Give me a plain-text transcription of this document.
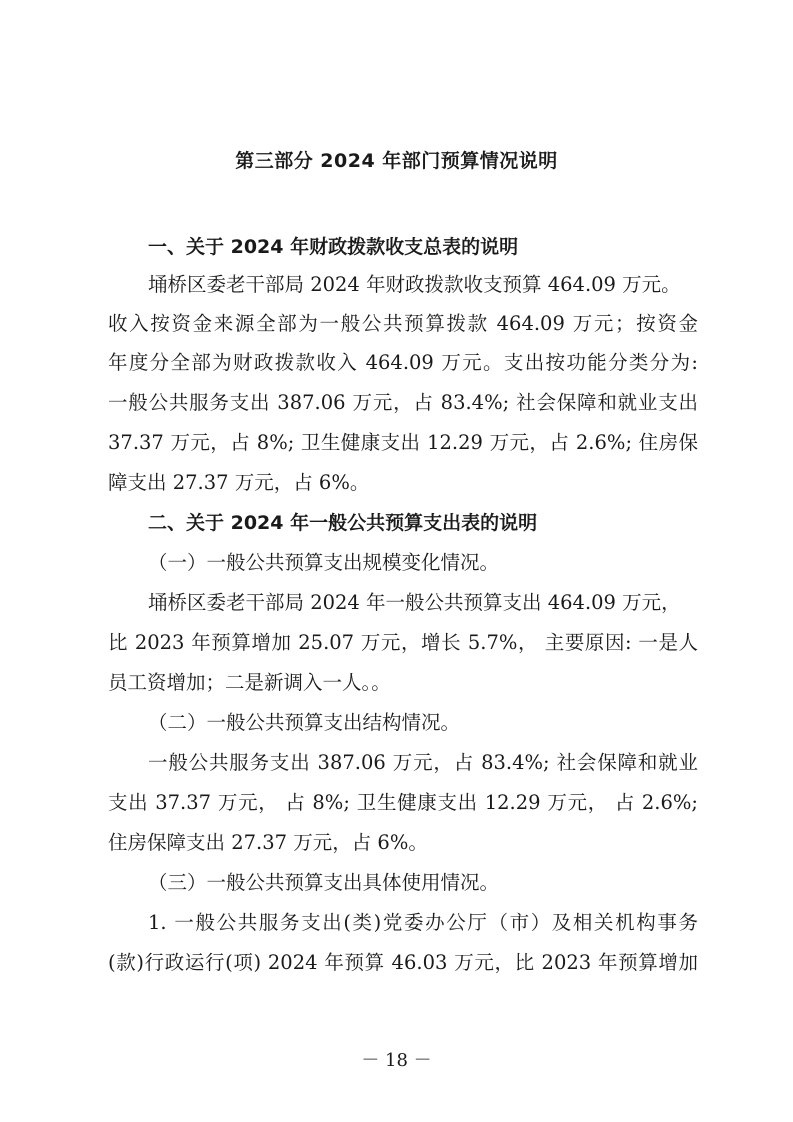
第三部分 2024 年部门预算情况说明
一、关于 2024 年财政拨款收支总表的说明
埇桥区委老干部局 2024 年财政拨款收支预算 464.09 万元。
收入按资金来源全部为一般公共预算拨款 464.09 万元；按资金
年度分全部为财政拨款收入 464.09 万元。支出按功能分类分为:
一般公共服务支出 387.06 万元，占 83.4%; 社会保障和就业支出
37.37 万元，占 8%; 卫生健康支出 12.29 万元，占 2.6%; 住房保
障支出 27.37 万元，占 6%。
二、关于 2024 年一般公共预算支出表的说明
（一）一般公共预算支出规模变化情况。
埇桥区委老干部局 2024 年一般公共预算支出 464.09 万元，
比 2023 年预算增加 25.07 万元，增长 5.7%， 主要原因: 一是人
员工资增加；二是新调入一人。。
（二）一般公共预算支出结构情况。
一般公共服务支出 387.06 万元，占 83.4%; 社会保障和就业
支出 37.37 万元， 占 8%; 卫生健康支出 12.29 万元， 占 2.6%;
住房保障支出 27.37 万元，占 6%。
（三）一般公共预算支出具体使用情况。
1. 一般公共服务支出(类)党委办公厅（市）及相关机构事务
(款)行政运行(项) 2024 年预算 46.03 万元，比 2023 年预算增加
－ 18 －
